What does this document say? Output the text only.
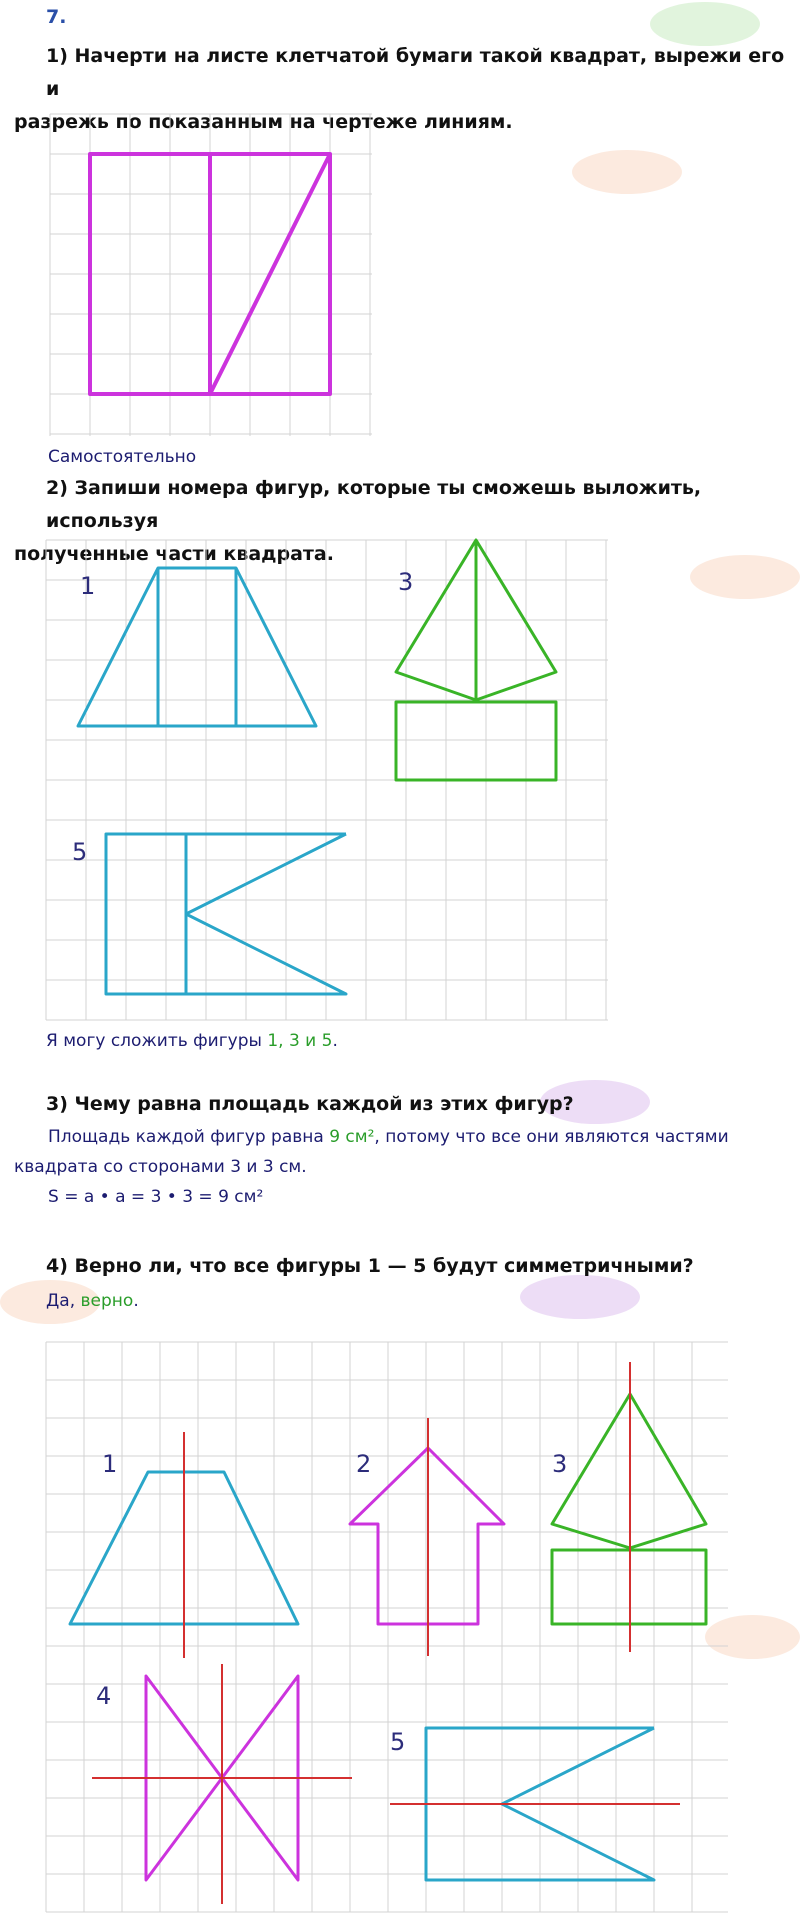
7.
1) Начерти на листе клетчатой бумаги такой квадрат, вырежи его и
разрежь по показанным на чертеже линиям.
Самостоятельно
2) Запиши номера фигур, которые ты сможешь выложить, используя
полученные части квадрата.
Я могу сложить фигуры 1, 3 и 5.
3) Чему равна площадь каждой из этих фигур?
Площадь каждой фигур равна 9 см², потому что все они являются частями
квадрата со сторонами 3 и 3 см.
S = a • a = 3 • 3 = 9 см²
4) Верно ли, что все фигуры 1 — 5 будут симметричными?
Да, верно.
1	3
5
1	2	3
4
5
